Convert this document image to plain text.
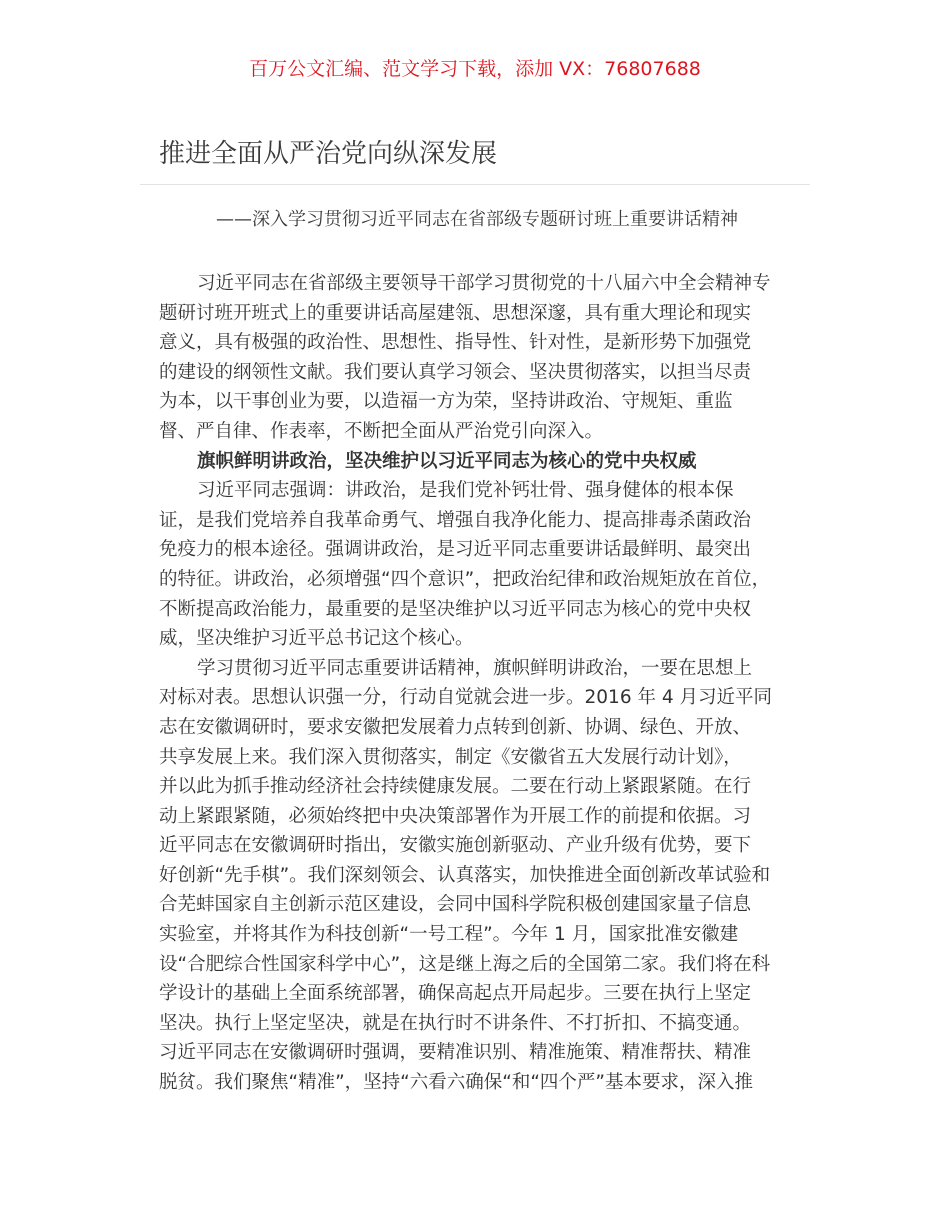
百万公文汇编、范文学习下载，添加 VX：76807688
推进全面从严治党向纵深发展
——深入学习贯彻习近平同志在省部级专题研讨班上重要讲话精神
习近平同志在省部级主要领导干部学习贯彻党的十八届六中全会精神专
题研讨班开班式上的重要讲话高屋建瓴、思想深邃，具有重大理论和现实
意义，具有极强的政治性、思想性、指导性、针对性，是新形势下加强党
的建设的纲领性文献。我们要认真学习领会、坚决贯彻落实，以担当尽责
为本，以干事创业为要，以造福一方为荣，坚持讲政治、守规矩、重监
督、严自律、作表率，不断把全面从严治党引向深入。
旗帜鲜明讲政治，坚决维护以习近平同志为核心的党中央权威
习近平同志强调：讲政治，是我们党补钙壮骨、强身健体的根本保
证，是我们党培养自我革命勇气、增强自我净化能力、提高排毒杀菌政治
免疫力的根本途径。强调讲政治，是习近平同志重要讲话最鲜明、最突出
的特征。讲政治，必须增强“四个意识”，把政治纪律和政治规矩放在首位，
不断提高政治能力，最重要的是坚决维护以习近平同志为核心的党中央权
威，坚决维护习近平总书记这个核心。
学习贯彻习近平同志重要讲话精神，旗帜鲜明讲政治，一要在思想上
对标对表。思想认识强一分，行动自觉就会进一步。2016 年 4 月习近平同
志在安徽调研时，要求安徽把发展着力点转到创新、协调、绿色、开放、
共享发展上来。我们深入贯彻落实，制定《安徽省五大发展行动计划》，
并以此为抓手推动经济社会持续健康发展。二要在行动上紧跟紧随。在行
动上紧跟紧随，必须始终把中央决策部署作为开展工作的前提和依据。习
近平同志在安徽调研时指出，安徽实施创新驱动、产业升级有优势，要下
好创新“先手棋”。我们深刻领会、认真落实，加快推进全面创新改革试验和
合芜蚌国家自主创新示范区建设，会同中国科学院积极创建国家量子信息
实验室，并将其作为科技创新“一号工程”。今年 1 月，国家批准安徽建
设“合肥综合性国家科学中心”，这是继上海之后的全国第二家。我们将在科
学设计的基础上全面系统部署，确保高起点开局起步。三要在执行上坚定
坚决。执行上坚定坚决，就是在执行时不讲条件、不打折扣、不搞变通。
习近平同志在安徽调研时强调，要精准识别、精准施策、精准帮扶、精准
脱贫。我们聚焦“精准”，坚持“六看六确保“和“四个严”基本要求，深入推
